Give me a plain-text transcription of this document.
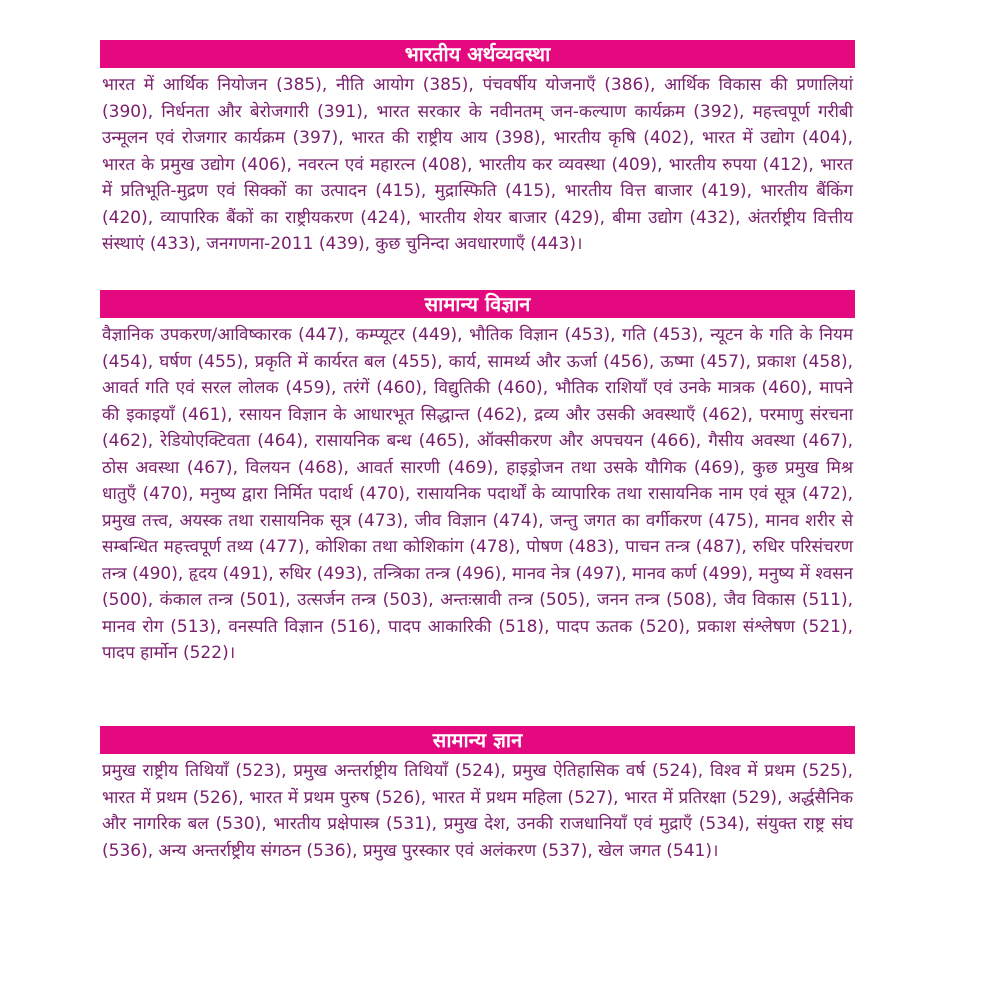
भारतीय अर्थव्यवस्था
भारत में आर्थिक नियोजन (385), नीति आयोग (385), पंचवर्षीय योजनाएँ (386), आर्थिक विकास की प्रणालियां (390), निर्धनता और बेरोजगारी (391), भारत सरकार के नवीनतम् जन-कल्याण कार्यक्रम (392), महत्त्वपूर्ण गरीबी उन्मूलन एवं रोजगार कार्यक्रम (397), भारत की राष्ट्रीय आय (398), भारतीय कृषि (402), भारत में उद्योग (404), भारत के प्रमुख उद्योग (406), नवरत्न एवं महारत्न (408), भारतीय कर व्यवस्था (409), भारतीय रुपया (412), भारत में प्रतिभूति-मुद्रण एवं सिक्कों का उत्पादन (415), मुद्रास्फिति (415), भारतीय वित्त बाजार (419), भारतीय बैंकिंग (420), व्यापारिक बैंकों का राष्ट्रीयकरण (424), भारतीय शेयर बाजार (429), बीमा उद्योग (432), अंतर्राष्ट्रीय वित्तीय संस्थाएं (433), जनगणना-2011 (439), कुछ चुनिन्दा अवधारणाएँ (443)।
सामान्य विज्ञान
वैज्ञानिक उपकरण/आविष्कारक (447), कम्प्यूटर (449), भौतिक विज्ञान (453), गति (453), न्यूटन के गति के नियम (454), घर्षण (455), प्रकृति में कार्यरत बल (455), कार्य, सामर्थ्य और ऊर्जा (456), ऊष्मा (457), प्रकाश (458), आवर्त गति एवं सरल लोलक (459), तरंगें (460), विद्युतिकी (460), भौतिक राशियाँ एवं उनके मात्रक (460), मापने की इकाइयाँ (461), रसायन विज्ञान के आधारभूत सिद्धान्त (462), द्रव्य और उसकी अवस्थाएँ (462), परमाणु संरचना (462), रेडियोएक्टिवता (464), रासायनिक बन्ध (465), ऑक्सीकरण और अपचयन (466), गैसीय अवस्था (467), ठोस अवस्था (467), विलयन (468), आवर्त सारणी (469), हाइड्रोजन तथा उसके यौगिक (469), कुछ प्रमुख मिश्र धातुएँ (470), मनुष्य द्वारा निर्मित पदार्थ (470), रासायनिक पदार्थों के व्यापारिक तथा रासायनिक नाम एवं सूत्र (472), प्रमुख तत्त्व, अयस्क तथा रासायनिक सूत्र (473), जीव विज्ञान (474), जन्तु जगत का वर्गीकरण (475), मानव शरीर से सम्बन्धित महत्त्वपूर्ण तथ्य (477), कोशिका तथा कोशिकांग (478), पोषण (483), पाचन तन्त्र (487), रुधिर परिसंचरण तन्त्र (490), हृदय (491), रुधिर (493), तन्त्रिका तन्त्र (496), मानव नेत्र (497), मानव कर्ण (499), मनुष्य में श्वसन (500), कंकाल तन्त्र (501), उत्सर्जन तन्त्र (503), अन्तःस्रावी तन्त्र (505), जनन तन्त्र (508), जैव विकास (511), मानव रोग (513), वनस्पति विज्ञान (516), पादप आकारिकी (518), पादप ऊतक (520), प्रकाश संश्लेषण (521), पादप हार्मोन (522)।
सामान्य ज्ञान
प्रमुख राष्ट्रीय तिथियाँ (523), प्रमुख अन्तर्राष्ट्रीय तिथियाँ (524), प्रमुख ऐतिहासिक वर्ष (524), विश्व में प्रथम (525), भारत में प्रथम (526), भारत में प्रथम पुरुष (526), भारत में प्रथम महिला (527), भारत में प्रतिरक्षा (529), अर्द्धसैनिक और नागरिक बल (530), भारतीय प्रक्षेपास्त्र (531), प्रमुख देश, उनकी राजधानियाँ एवं मुद्राएँ (534), संयुक्त राष्ट्र संघ (536), अन्य अन्तर्राष्ट्रीय संगठन (536), प्रमुख पुरस्कार एवं अलंकरण (537), खेल जगत (541)।
